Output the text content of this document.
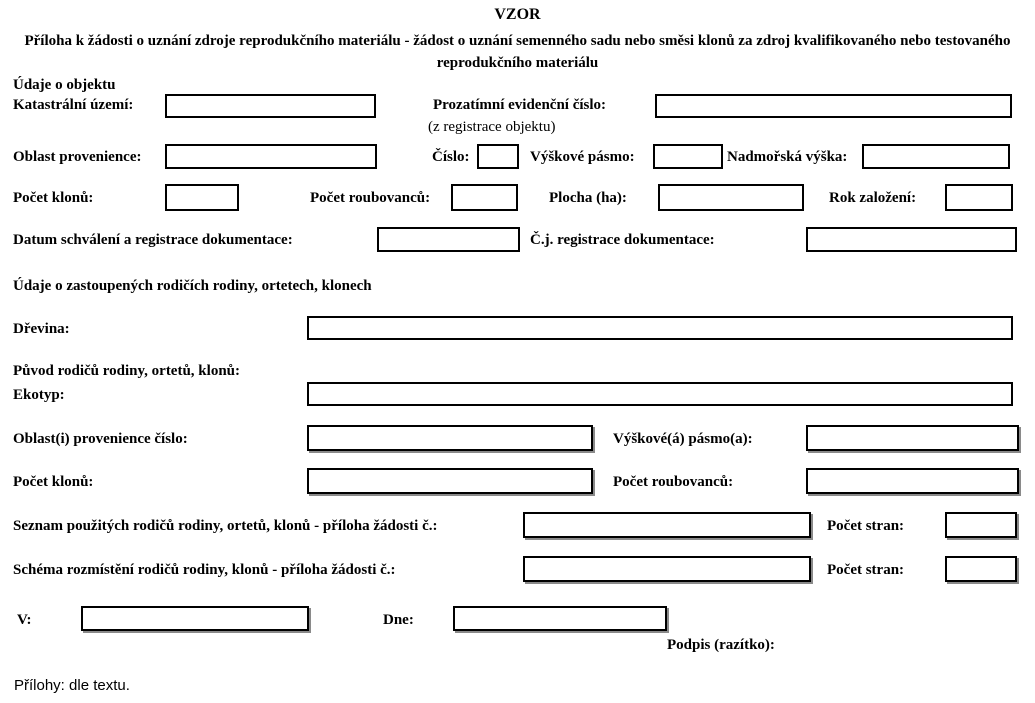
VZOR
Příloha k žádosti o uznání zdroje reprodukčního materiálu - žádost o uznání semenného sadu nebo směsi klonů za zdroj kvalifikovaného nebo testovaného reprodukčního materiálu
Údaje o objektu
Katastrální území:	Prozatímní evidenční číslo:
(z registrace objektu)
Oblast provenience:	Číslo:	Výškové pásmo:	Nadmořská výška:
Počet klonů:	Počet roubovanců:	Plocha (ha):	Rok založení:
Datum schválení a registrace dokumentace:	Č.j. registrace dokumentace:
Údaje o zastoupených rodičích rodiny, ortetech, klonech
Dřevina:
Původ rodičů rodiny, ortetů, klonů:
Ekotyp:
Oblast(i) provenience číslo:	Výškové(á) pásmo(a):
Počet klonů:	Počet roubovanců:
Seznam použitých rodičů rodiny, ortetů, klonů - příloha žádosti č.:	Počet stran:
Schéma rozmístění rodičů rodiny, klonů - příloha žádosti č.:	Počet stran:
V:	Dne:
Podpis (razítko):
Přílohy: dle textu.
